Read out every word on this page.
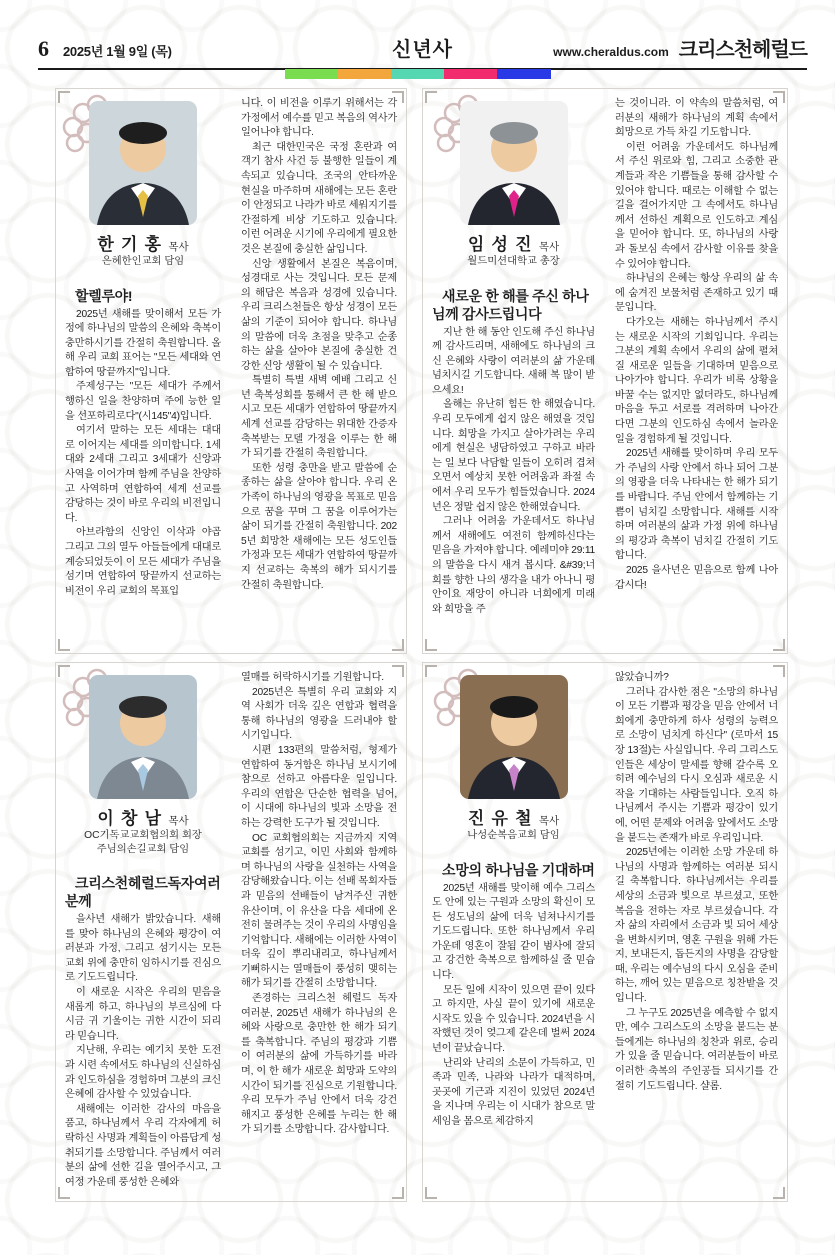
6 2025년 1월 9일 (목)	신년사	www.cheraldus.com 크리스천헤럴드
한 기 홍 목사
은혜한인교회 담임
할렐루야!

2025년 새해를 맞이해서 모든 가정에 하나님의 말씀의 은혜와 축복이 충만하시기를 간절히 축원합니다. 올해 우리 교회 표어는 "모든 세대와 연합하여 땅끝까지"입니다.

주제성구는 "모든 세대가 주께서 행하신 일을 찬양하며 주에 능한 일을 선포하리로다"(시145"4)입니다.

여기서 말하는 모든 세대는 대대로 이어지는 세대를 의미합니다. 1세대와 2세대 그리고 3세대가 신앙과 사역을 이어가며 함께 주님을 찬양하고 사역하며 연합하여 세계 선교를 감당하는 것이 바로 우리의 비전입니다.

아브라함의 신앙인 이삭과 야곱 그리고 그의 열두 아들들에게 대대로 계승되었듯이 이 모든 세대가 주님을 섬기며 연합하여 땅끝까지 선교하는 비전이 우리 교회의 목표입

니다. 이 비전을 이루기 위해서는 각 가정에서 예수를 믿고 복음의 역사가 일어나야 합니다.

최근 대한민국은 국정 혼란과 여객기 참사 사건 등 불행한 일들이 계속되고 있습니다. 조국의 안타까운 현실을 마주하며 새해에는 모든 혼란이 안정되고 나라가 바로 세워지기를 간절하게 비상 기도하고 있습니다. 이런 어려운 시기에 우리에게 필요한 것은 본질에 충실한 삶입니다.

신앙 생활에서 본질은 복음이며, 성경대로 사는 것입니다. 모든 문제의 해답은 복음과 성경에 있습니다. 우리 크리스천들은 항상 성경이 모든 삶의 기준이 되어야 합니다. 하나님의 말씀에 더욱 초점을 맞추고 순종하는 삶을 살아야 본질에 충실한 건강한 신앙 생활이 될 수 있습니다.

특별히 특별 새벽 예배 그리고 신년 축복성회를 통해서 큰 한 해 받으시고 모든 세대가 연합하여 땅끝까지 세계 선교를 감당하는 위대한 간증자 축복받는 모델 가정을 이루는 한 해가 되기를 간절히 축원합니다.

또한 성령 충만을 받고 말씀에 순종하는 삶을 살아야 합니다. 우리 온 가족이 하나님의 영광을 목표로 믿음으로 꿈을 꾸며 그 꿈을 이루어가는 삶이 되기를 간절히 축원합니다. 2025년 희망찬 새해에는 모든 성도인들 가정과 모든 세대가 연합하여 땅끝까지 선교하는 축복의 해가 되시기를 간절히 축원합니다.

임 성 진 목사
월드미션대학교 총장
새로운 한 해를 주신 하나님께 감사드립니다

지난 한 해 동안 인도해 주신 하나님께 감사드리며, 새해에도 하나님의 크신 은혜와 사랑이 여러분의 삶 가운데 넘치시길 기도합니다. 새해 복 많이 받으세요!

올해는 유난히 힘든 한 해였습니다. 우리 모두에게 쉽지 않은 해였을 것입니다. 희망을 가지고 살아가려는 우리에게 현실은 냉담하였고 구하고 바라는 일 보다 낙담할 일들이 오히려 겹쳐 오면서 예상치 못한 어려움과 좌절 속에서 우리 모두가 힘들었습니다. 2024년은 정말 쉽지 않은 한해였습니다.

그러나 어려움 가운데서도 하나님께서 새해에도 여전히 함께하신다는 믿음을 가져야 합니다. 예레미야 29:11의 말씀을 다시 새겨 봅시다. &#39;너희를 향한 나의 생각을 내가 아나니 평안이요 재앙이 아니라 너희에게 미래와 희망을 주

는 것이니라. 이 약속의 말씀처럼, 여러분의 새해가 하나님의 계획 속에서 희망으로 가득 차길 기도합니다.

이런 어려움 가운데서도 하나님께서 주신 위로와 힘, 그리고 소중한 관계들과 작은 기쁨들을 통해 감사할 수 있어야 합니다. 때로는 이해할 수 없는 길을 걸어가지만 그 속에서도 하나님께서 선하신 계획으로 인도하고 계심을 믿어야 합니다. 또, 하나님의 사랑과 돌보심 속에서 감사할 이유를 찾을 수 있어야 합니다.

하나님의 은혜는 항상 우리의 삶 속에 숨겨진 보물처럼 존재하고 있기 때문입니다.

다가오는 새해는 하나님께서 주시는 새로운 시작의 기회입니다. 우리는 그분의 계획 속에서 우리의 삶에 펼쳐질 새로운 일들을 기대하며 믿음으로 나아가야 합니다. 우리가 비록 상황을 바꿀 수는 없지만 없더라도, 하나님께 마음을 두고 서로를 격려하며 나아간다면 그분의 인도하심 속에서 놀라운 일을 경험하게 될 것입니다.

2025년 새해를 맞이하며 우리 모두가 주님의 사랑 안에서 하나 되어 그분의 영광을 더욱 나타내는 한 해가 되기를 바랍니다. 주님 안에서 함께하는 기쁨이 넘치길 소망합니다. 새해를 시작하며 여러분의 삶과 가정 위에 하나님의 평강과 축복이 넘치길 간절히 기도합니다.

2025 을사년은 믿음으로 함께 나아갑시다!

이 창 남 목사
OC기독교교회협의회 회장
주님의손길교회 담임
크리스천헤럴드독자여러분께

을사년 새해가 밝았습니다. 새해를 맞아 하나님의 은혜와 평강이 여러분과 가정, 그리고 섬기시는 모든 교회 위에 충만히 임하시기를 진심으로 기도드립니다.

이 새로운 시작은 우리의 믿음을 새롭게 하고, 하나님의 부르심에 다시금 귀 기울이는 귀한 시간이 되리라 믿습니다.

지난해, 우리는 예기치 못한 도전과 시련 속에서도 하나님의 신실하심과 인도하심을 경험하며 그분의 크신 은혜에 감사할 수 있었습니다.

새해에는 이러한 감사의 마음을 품고, 하나님께서 우리 각자에게 허락하신 사명과 계획들이 아름답게 성취되기를 소망합니다. 주님께서 여러분의 삶에 선한 길을 열어주시고, 그 여정 가운데 풍성한 은혜와

열매를 허락하시기를 기원합니다.

2025년은 특별히 우리 교회와 지역 사회가 더욱 깊은 연합과 협력을 통해 하나님의 영광을 드러내야 할 시기입니다.

시편 133편의 말씀처럼, 형제가 연합하여 동거함은 하나님 보시기에 참으로 선하고 아름다운 일입니다. 우리의 연합은 단순한 협력을 넘어, 이 시대에 하나님의 빛과 소망을 전하는 강력한 도구가 될 것입니다.

OC 교회협의회는 지금까지 지역 교회를 섬기고, 이민 사회와 함께하며 하나님의 사랑을 실천하는 사역을 감당해왔습니다. 이는 선배 목회자들과 믿음의 선배들이 남겨주신 귀한 유산이며, 이 유산을 다음 세대에 온전히 물려주는 것이 우리의 사명임을 기억합니다. 새해에는 이러한 사역이 더욱 깊이 뿌리내리고, 하나님께서 기뻐하시는 열매들이 풍성히 맺히는 해가 되기를 간절히 소망합니다.

존경하는 크리스천 헤럴드 독자 여러분, 2025년 새해가 하나님의 은혜와 사랑으로 충만한 한 해가 되기를 축복합니다. 주님의 평강과 기쁨이 여러분의 삶에 가득하기를 바라며, 이 한 해가 새로운 희망과 도약의 시간이 되기를 진심으로 기원합니다. 우리 모두가 주님 안에서 더욱 강건해지고 풍성한 은혜를 누리는 한 해가 되기를 소망합니다. 감사합니다.

진 유 철 목사
나성순복음교회 담임
소망의 하나님을 기대하며

2025년 새해를 맞이해 예수 그리스도 안에 있는 구원과 소망의 확신이 모든 성도님의 삶에 더욱 넘쳐나시기를 기도드립니다. 또한 하나님께서 우리 가운데 영혼이 잘됨 같이 범사에 잘되고 강건한 축복으로 함께하실 줄 믿습니다.

모든 일에 시작이 있으면 끝이 있다고 하지만, 사실 끝이 있기에 새로운 시작도 있을 수 있습니다. 2024년을 시작했던 것이 엊그제 같은데 벌써 2024년이 끝났습니다.

난리와 난리의 소문이 가득하고, 민족과 민족, 나라와 나라가 대적하며, 곳곳에 기근과 지진이 있었던 2024년을 지나며 우리는 이 시대가 참으로 말세임을 몸으로 체감하지

않았습니까?

그러나 감사한 점은 "소망의 하나님이 모든 기쁨과 평강을 믿음 안에서 너희에게 충만하게 하사 성령의 능력으로 소망이 넘치게 하신다" (로마서 15장 13절)는 사실입니다. 우리 그리스도인들은 세상이 말세를 향해 갈수록 오히려 예수님의 다시 오심과 새로운 시작을 기대하는 사람들입니다. 오직 하나님께서 주시는 기쁨과 평강이 있기에, 어떤 문제와 어려움 앞에서도 소망을 붙드는 존재가 바로 우리입니다.

2025년에는 이러한 소망 가운데 하나님의 사명과 함께하는 여러분 되시길 축복합니다. 하나님께서는 우리를 세상의 소금과 빛으로 부르셨고, 또한 복음을 전하는 자로 부르셨습니다. 각자 삶의 자리에서 소금과 빛 되어 세상을 변화시키며, 영혼 구원을 위해 가든지, 보내든지, 돕든지의 사명을 감당할 때, 우리는 예수님의 다시 오심을 준비하는, 깨어 있는 믿음으로 칭찬받을 것입니다.

그 누구도 2025년을 예측할 수 없지만, 예수 그리스도의 소망을 붙드는 분들에게는 하나님의 칭찬과 위로, 승리가 있을 줄 믿습니다. 여러분들이 바로 이러한 축복의 주인공들 되시기를 간절히 기도드립니다. 샬롬.
